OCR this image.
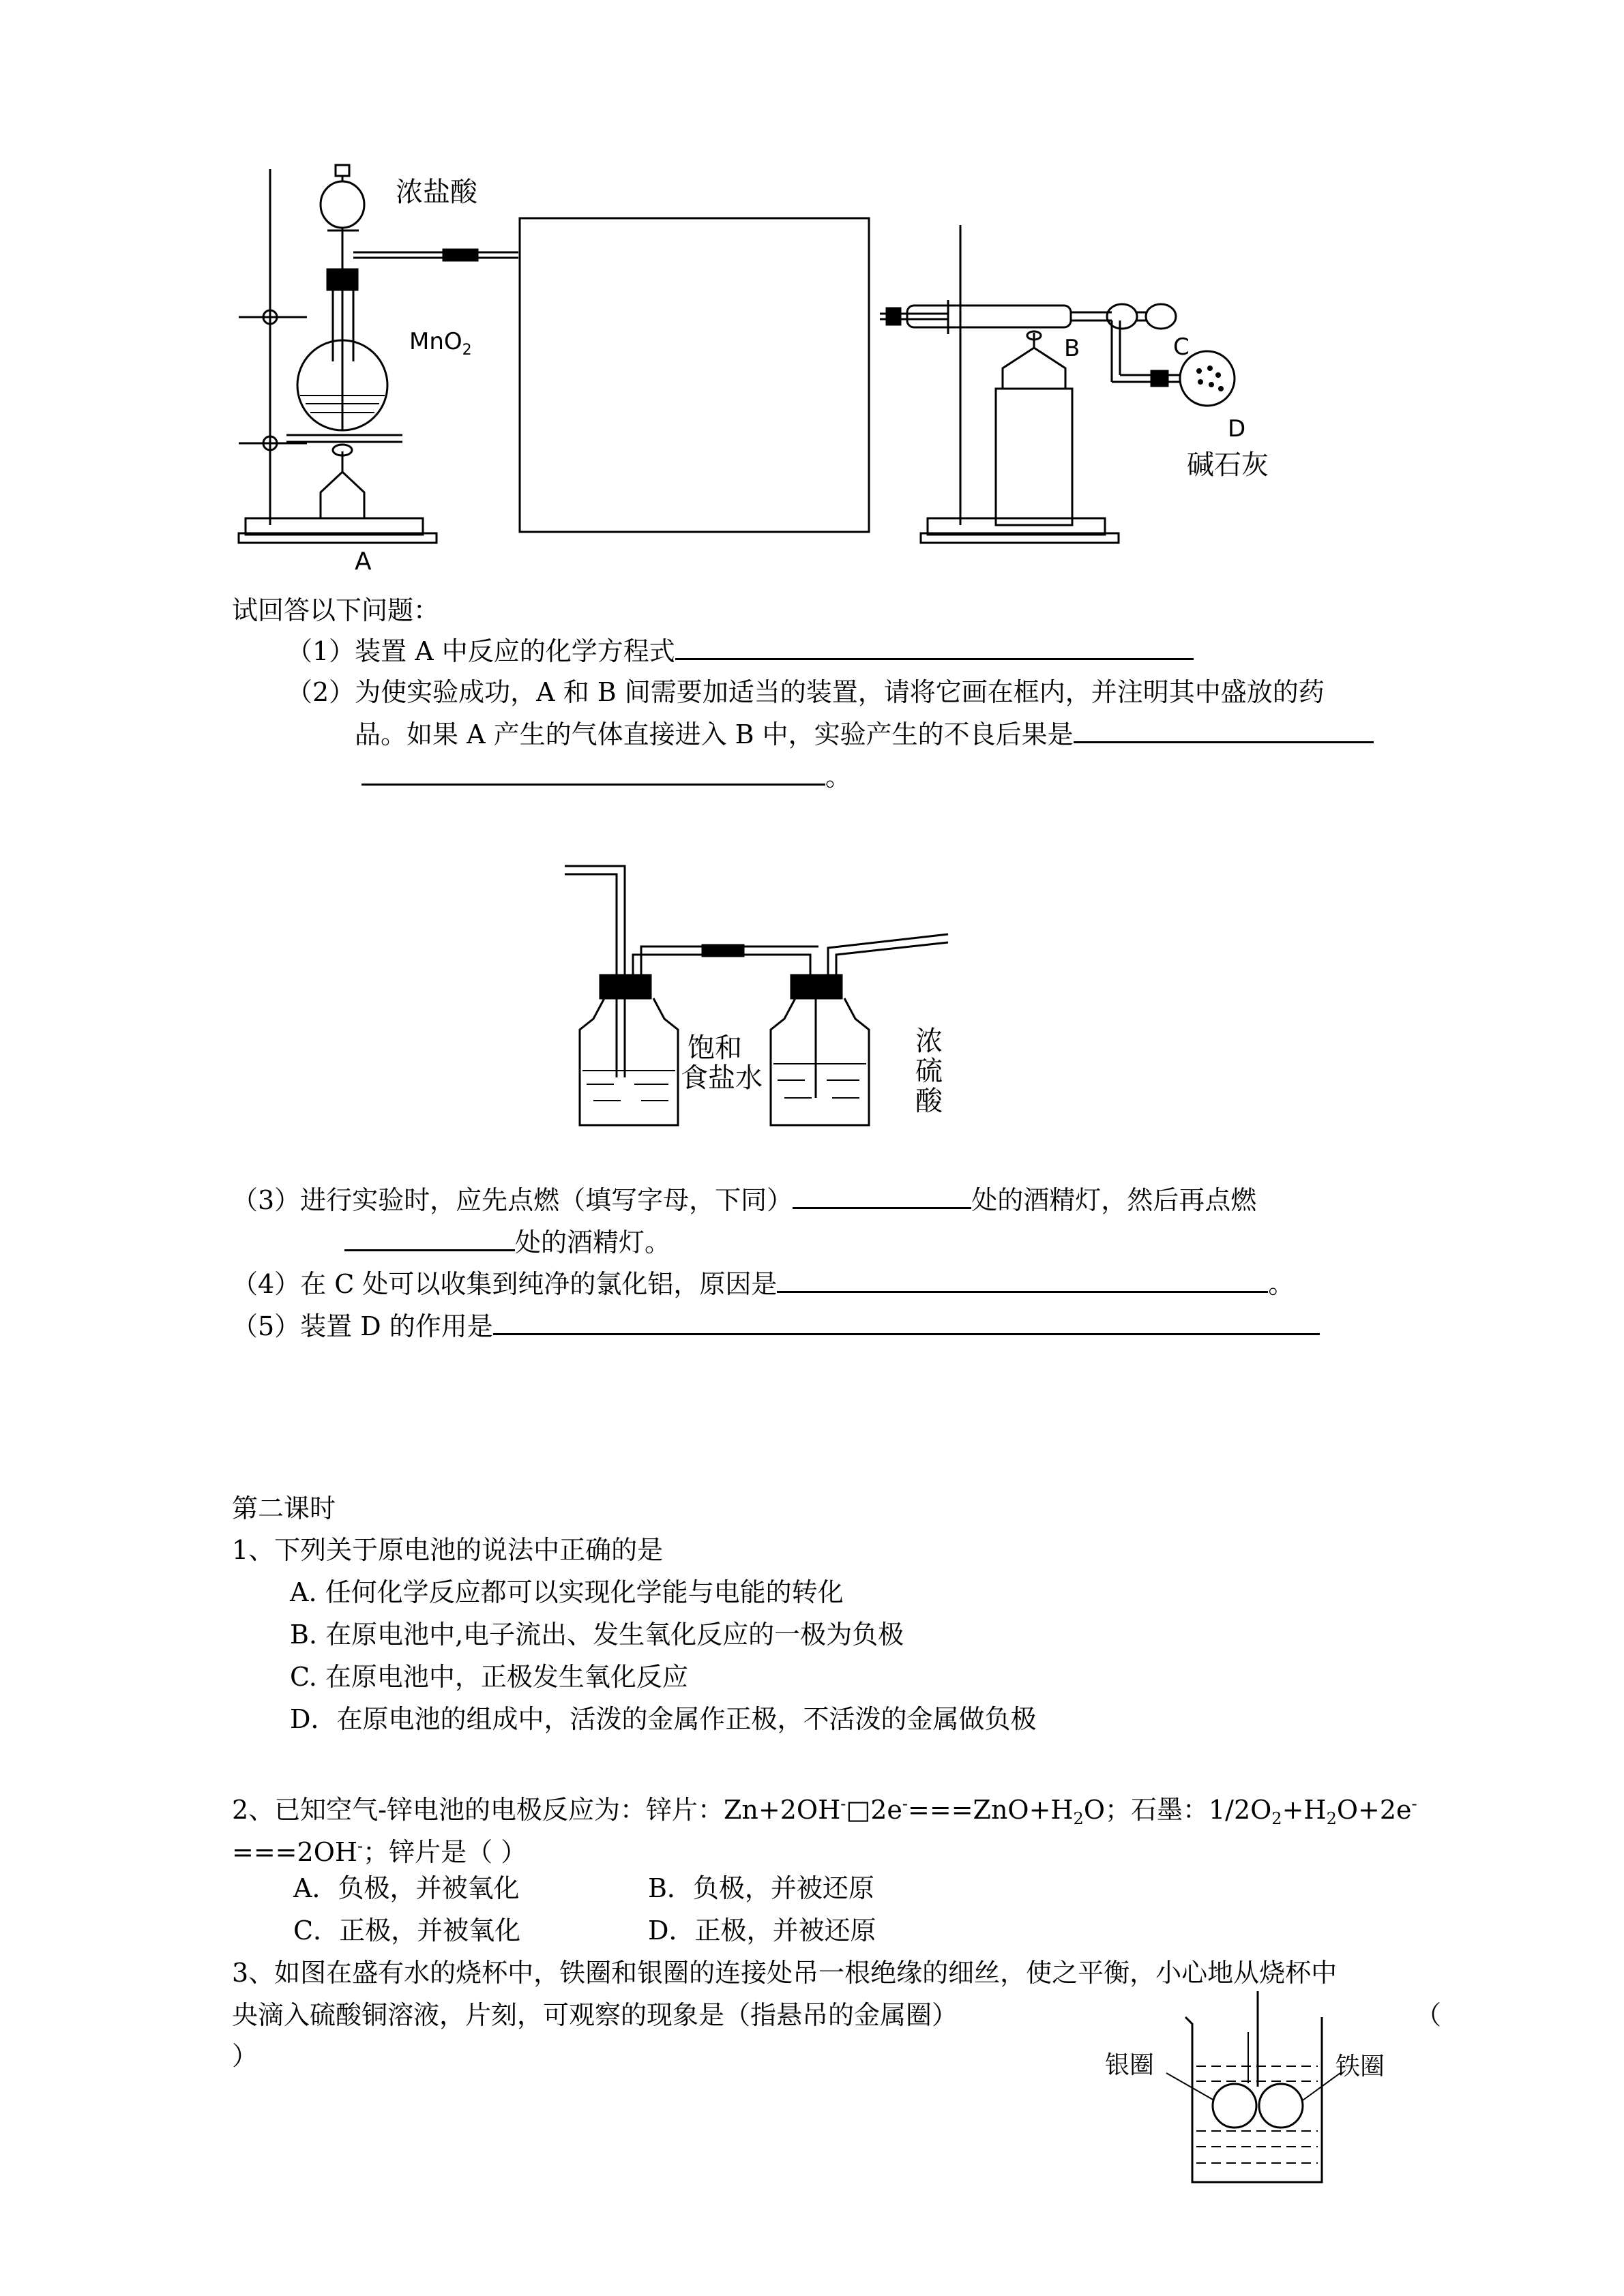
浓盐酸
MnO$_2$
A
B	C
D
碱石灰
试回答以下问题：
（1）装置 A 中反应的化学方程式
（2）为使实验成功，A 和 B 间需要加适当的装置，请将它画在框内，并注明其中盛放的药
品。如果 A 产生的气体直接进入 B 中，实验产生的不良后果是
。
饱和
食盐水
浓
硫
酸
（3）进行实验时，应先点燃（填写字母，下同）	处的酒精灯，然后再点燃
处的酒精灯。
（4）在 C 处可以收集到纯净的氯化铝，原因是	。
（5）装置 D 的作用是
第二课时
1、下列关于原电池的说法中正确的是
A. 任何化学反应都可以实现化学能与电能的转化
B. 在原电池中,电子流出、发生氧化反应的一极为负极
C. 在原电池中，正极发生氧化反应
D．在原电池的组成中，活泼的金属作正极，不活泼的金属做负极
2、已知空气-锌电池的电极反应为：锌片：$Zn+2OH^-□2e^-===ZnO+H_2O$；石墨：$1/2O_2+H_2O+2e^-$
===2OH-；锌片是（ ）
A．负极，并被氧化	B．负极，并被还原
C．正极，并被氧化	D．正极，并被还原
3、如图在盛有水的烧杯中，铁圈和银圈的连接处吊一根绝缘的细丝，使之平衡，小心地从烧杯中
央滴入硫酸铜溶液，片刻，可观察的现象是（指悬吊的金属圈）	（
）	银圈	铁圈
